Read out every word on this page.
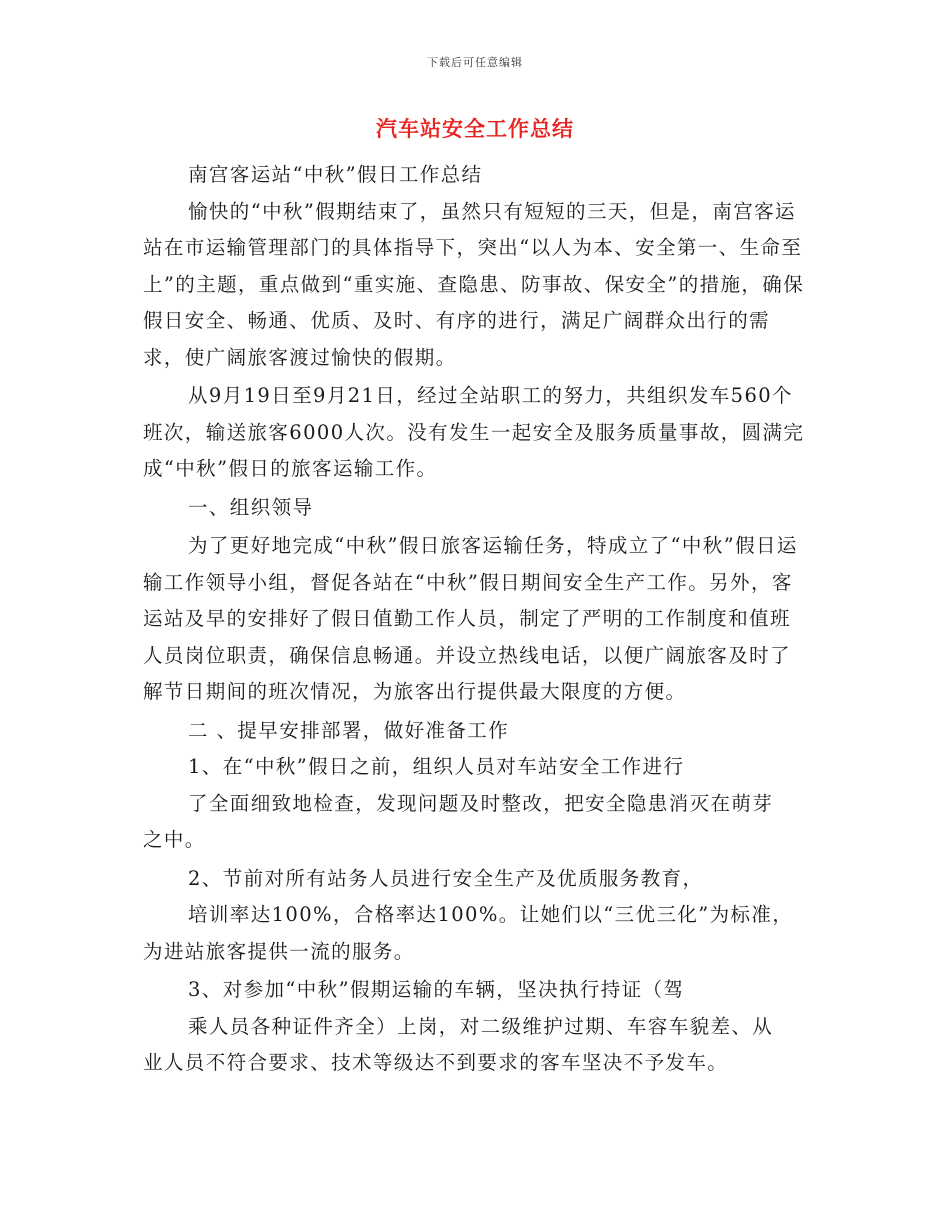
下载后可任意编辑
汽车站安全工作总结

南宫客运站“中秋”假日工作总结

愉快的“中秋”假期结束了，虽然只有短短的三天，但是，南宫客运站在市运输管理部门的具体指导下，突出“以人为本、安全第一、生命至上”的主题，重点做到“重实施、查隐患、防事故、保安全”的措施，确保假日安全、畅通、优质、及时、有序的进行，满足广阔群众出行的需求，使广阔旅客渡过愉快的假期。

从9月19日至9月21日，经过全站职工的努力，共组织发车560个班次，输送旅客6000人次。没有发生一起安全及服务质量事故，圆满完成“中秋”假日的旅客运输工作。

一、组织领导

为了更好地完成“中秋”假日旅客运输任务，特成立了“中秋”假日运输工作领导小组，督促各站在“中秋”假日期间安全生产工作。另外，客运站及早的安排好了假日值勤工作人员，制定了严明的工作制度和值班人员岗位职责，确保信息畅通。并设立热线电话，以便广阔旅客及时了解节日期间的班次情况，为旅客出行提供最大限度的方便。

二 、提早安排部署，做好准备工作

1、在“中秋”假日之前，组织人员对车站安全工作进行
了全面细致地检查，发现问题及时整改，把安全隐患消灭在萌芽
之中。
2、节前对所有站务人员进行安全生产及优质服务教育，
培训率达100%，合格率达100%。让她们以“三优三化”为标准，
为进站旅客提供一流的服务。
3、对参加“中秋”假期运输的车辆，坚决执行持证（驾
乘人员各种证件齐全）上岗，对二级维护过期、车容车貌差、从
业人员不符合要求、技术等级达不到要求的客车坚决不予发车。
